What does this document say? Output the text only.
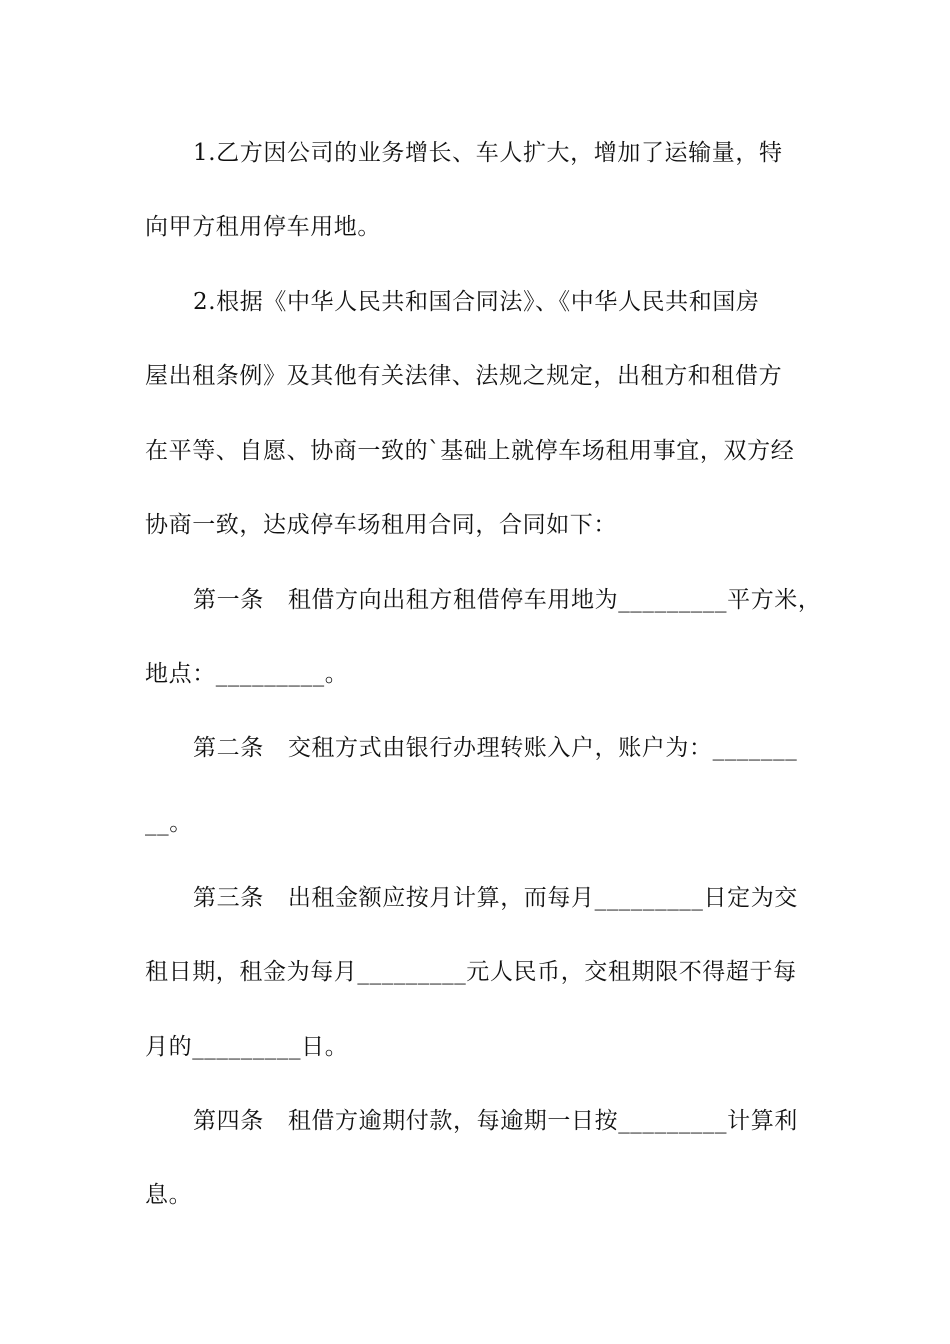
1.乙方因公司的业务增长、车人扩大，增加了运输量，特
向甲方租用停车用地。
2.根据《中华人民共和国合同法》、《中华人民共和国房
屋出租条例》及其他有关法律、法规之规定，出租方和租借方
在平等、自愿、协商一致的`基础上就停车场租用事宜，双方经
协商一致，达成停车场租用合同，合同如下：
第一条 租借方向出租方租借停车用地为_________平方米，
地点：_________。
第二条 交租方式由银行办理转账入户，账户为：_______
__。
第三条 出租金额应按月计算，而每月_________日定为交
租日期，租金为每月_________元人民币，交租期限不得超于每
月的_________日。
第四条 租借方逾期付款，每逾期一日按_________计算利
息。
